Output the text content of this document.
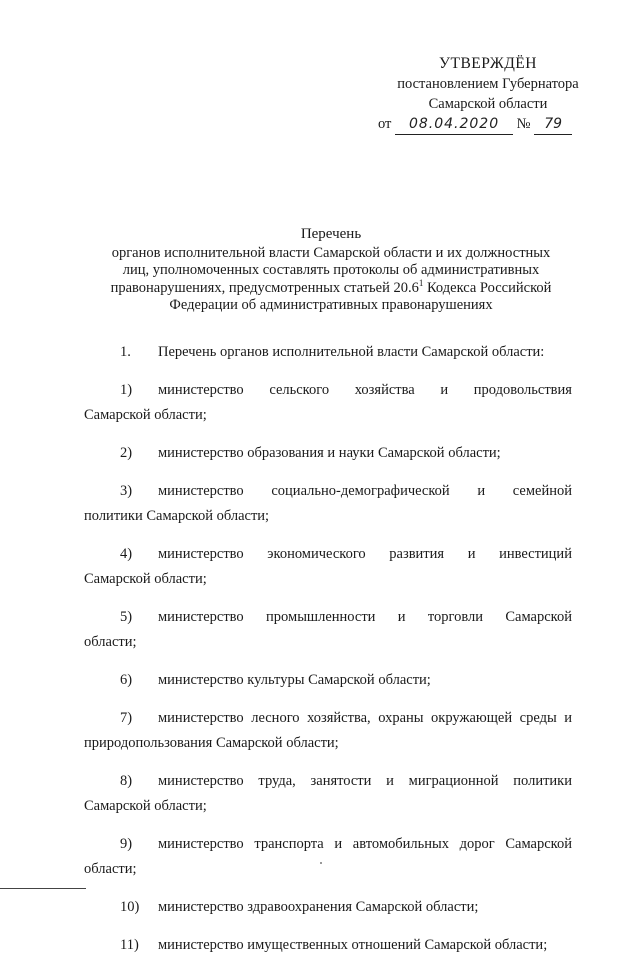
УТВЕРЖДЁН
постановлением Губернатора
Самарской области
от 08.04.2020 № 79
Перечень
органов исполнительной власти Самарской области и их должностных
лиц, уполномоченных составлять протоколы об административных
правонарушениях, предусмотренных статьей 20.6$^1$ Кодекса Российской
Федерации об административных правонарушениях
1.	Перечень органов исполнительной власти Самарской области:
1)	министерство сельского хозяйства и продовольствия
Самарской области;
2)	министерство образования и науки Самарской области;
3)	министерство социально-демографической и семейной
политики Самарской области;
4)	министерство экономического развития и инвестиций
Самарской области;
5)	министерство промышленности и торговли Самарской
области;
6)	министерство культуры Самарской области;
7)	министерство лесного хозяйства, охраны окружающей среды и
природопользования Самарской области;
8)	министерство труда, занятости и миграционной политики
Самарской области;
9)	министерство транспорта и автомобильных дорог Самарской
области;
10)	министерство здравоохранения Самарской области;
11)	министерство имущественных отношений Самарской области;
